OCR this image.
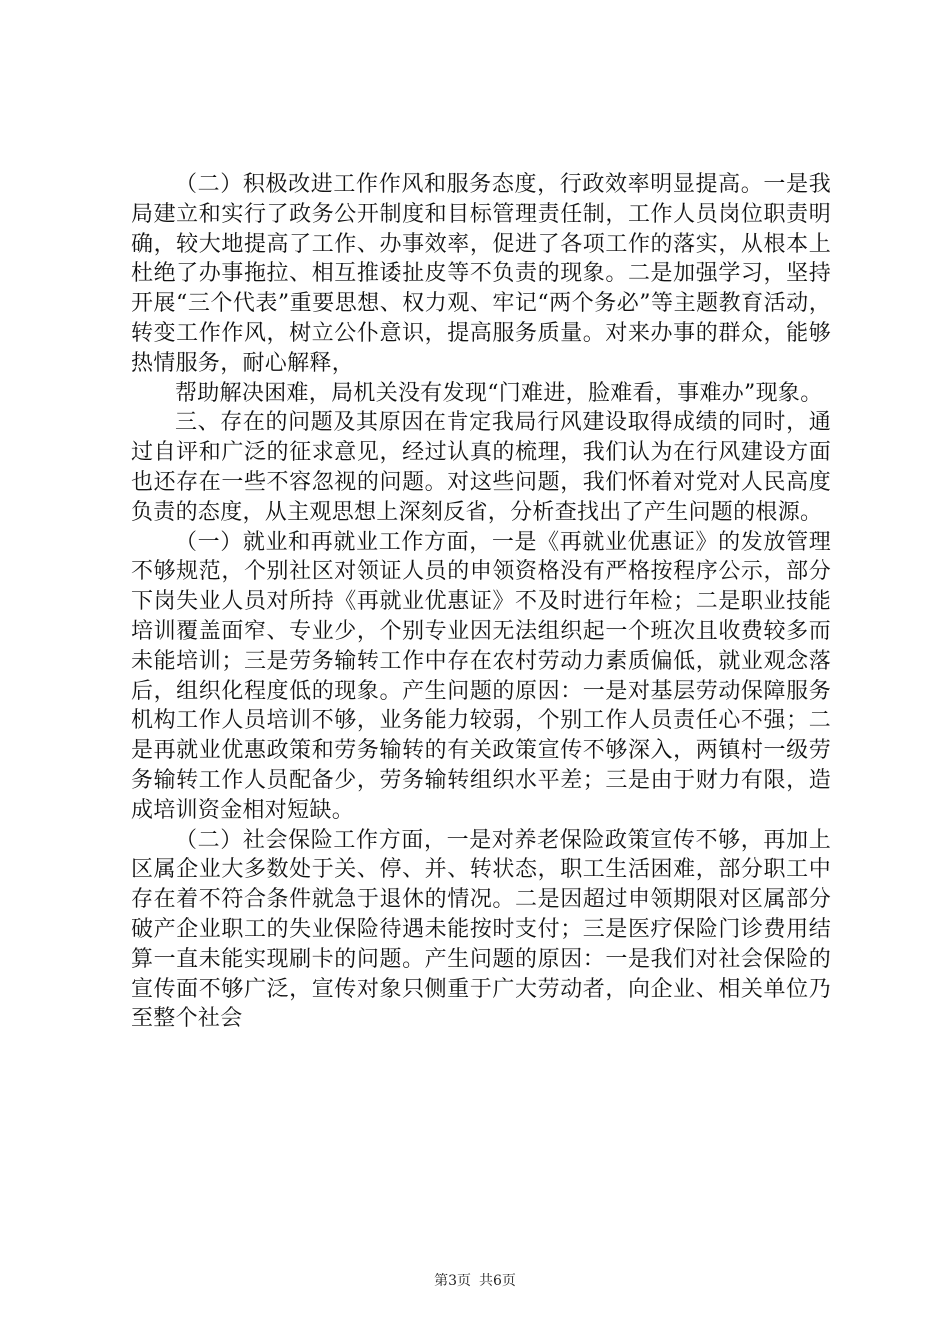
（二）积极改进工作作风和服务态度，行政效率明显提高。一是我局建立和实行了政务公开制度和目标管理责任制，工作人员岗位职责明确，较大地提高了工作、办事效率，促进了各项工作的落实，从根本上杜绝了办事拖拉、相互推诿扯皮等不负责的现象。二是加强学习，坚持开展“三个代表”重要思想、权力观、牢记“两个务必”等主题教育活动，转变工作作风，树立公仆意识，提高服务质量。对来办事的群众，能够热情服务，耐心解释，

帮助解决困难，局机关没有发现“门难进，脸难看，事难办”现象。

三、存在的问题及其原因在肯定我局行风建设取得成绩的同时，通过自评和广泛的征求意见，经过认真的梳理，我们认为在行风建设方面也还存在一些不容忽视的问题。对这些问题，我们怀着对党对人民高度负责的态度，从主观思想上深刻反省，分析查找出了产生问题的根源。

（一）就业和再就业工作方面，一是《再就业优惠证》的发放管理不够规范，个别社区对领证人员的申领资格没有严格按程序公示，部分下岗失业人员对所持《再就业优惠证》不及时进行年检；二是职业技能培训覆盖面窄、专业少，个别专业因无法组织起一个班次且收费较多而未能培训；三是劳务输转工作中存在农村劳动力素质偏低，就业观念落后，组织化程度低的现象。产生问题的原因：一是对基层劳动保障服务机构工作人员培训不够，业务能力较弱，个别工作人员责任心不强；二是再就业优惠政策和劳务输转的有关政策宣传不够深入，两镇村一级劳务输转工作人员配备少，劳务输转组织水平差；三是由于财力有限，造成培训资金相对短缺。

（二）社会保险工作方面，一是对养老保险政策宣传不够，再加上区属企业大多数处于关、停、并、转状态，职工生活困难，部分职工中存在着不符合条件就急于退休的情况。二是因超过申领期限对区属部分破产企业职工的失业保险待遇未能按时支付；三是医疗保险门诊费用结算一直未能实现刷卡的问题。产生问题的原因：一是我们对社会保险的宣传面不够广泛，宣传对象只侧重于广大劳动者，向企业、相关单位乃至整个社会

第3页 共6页
